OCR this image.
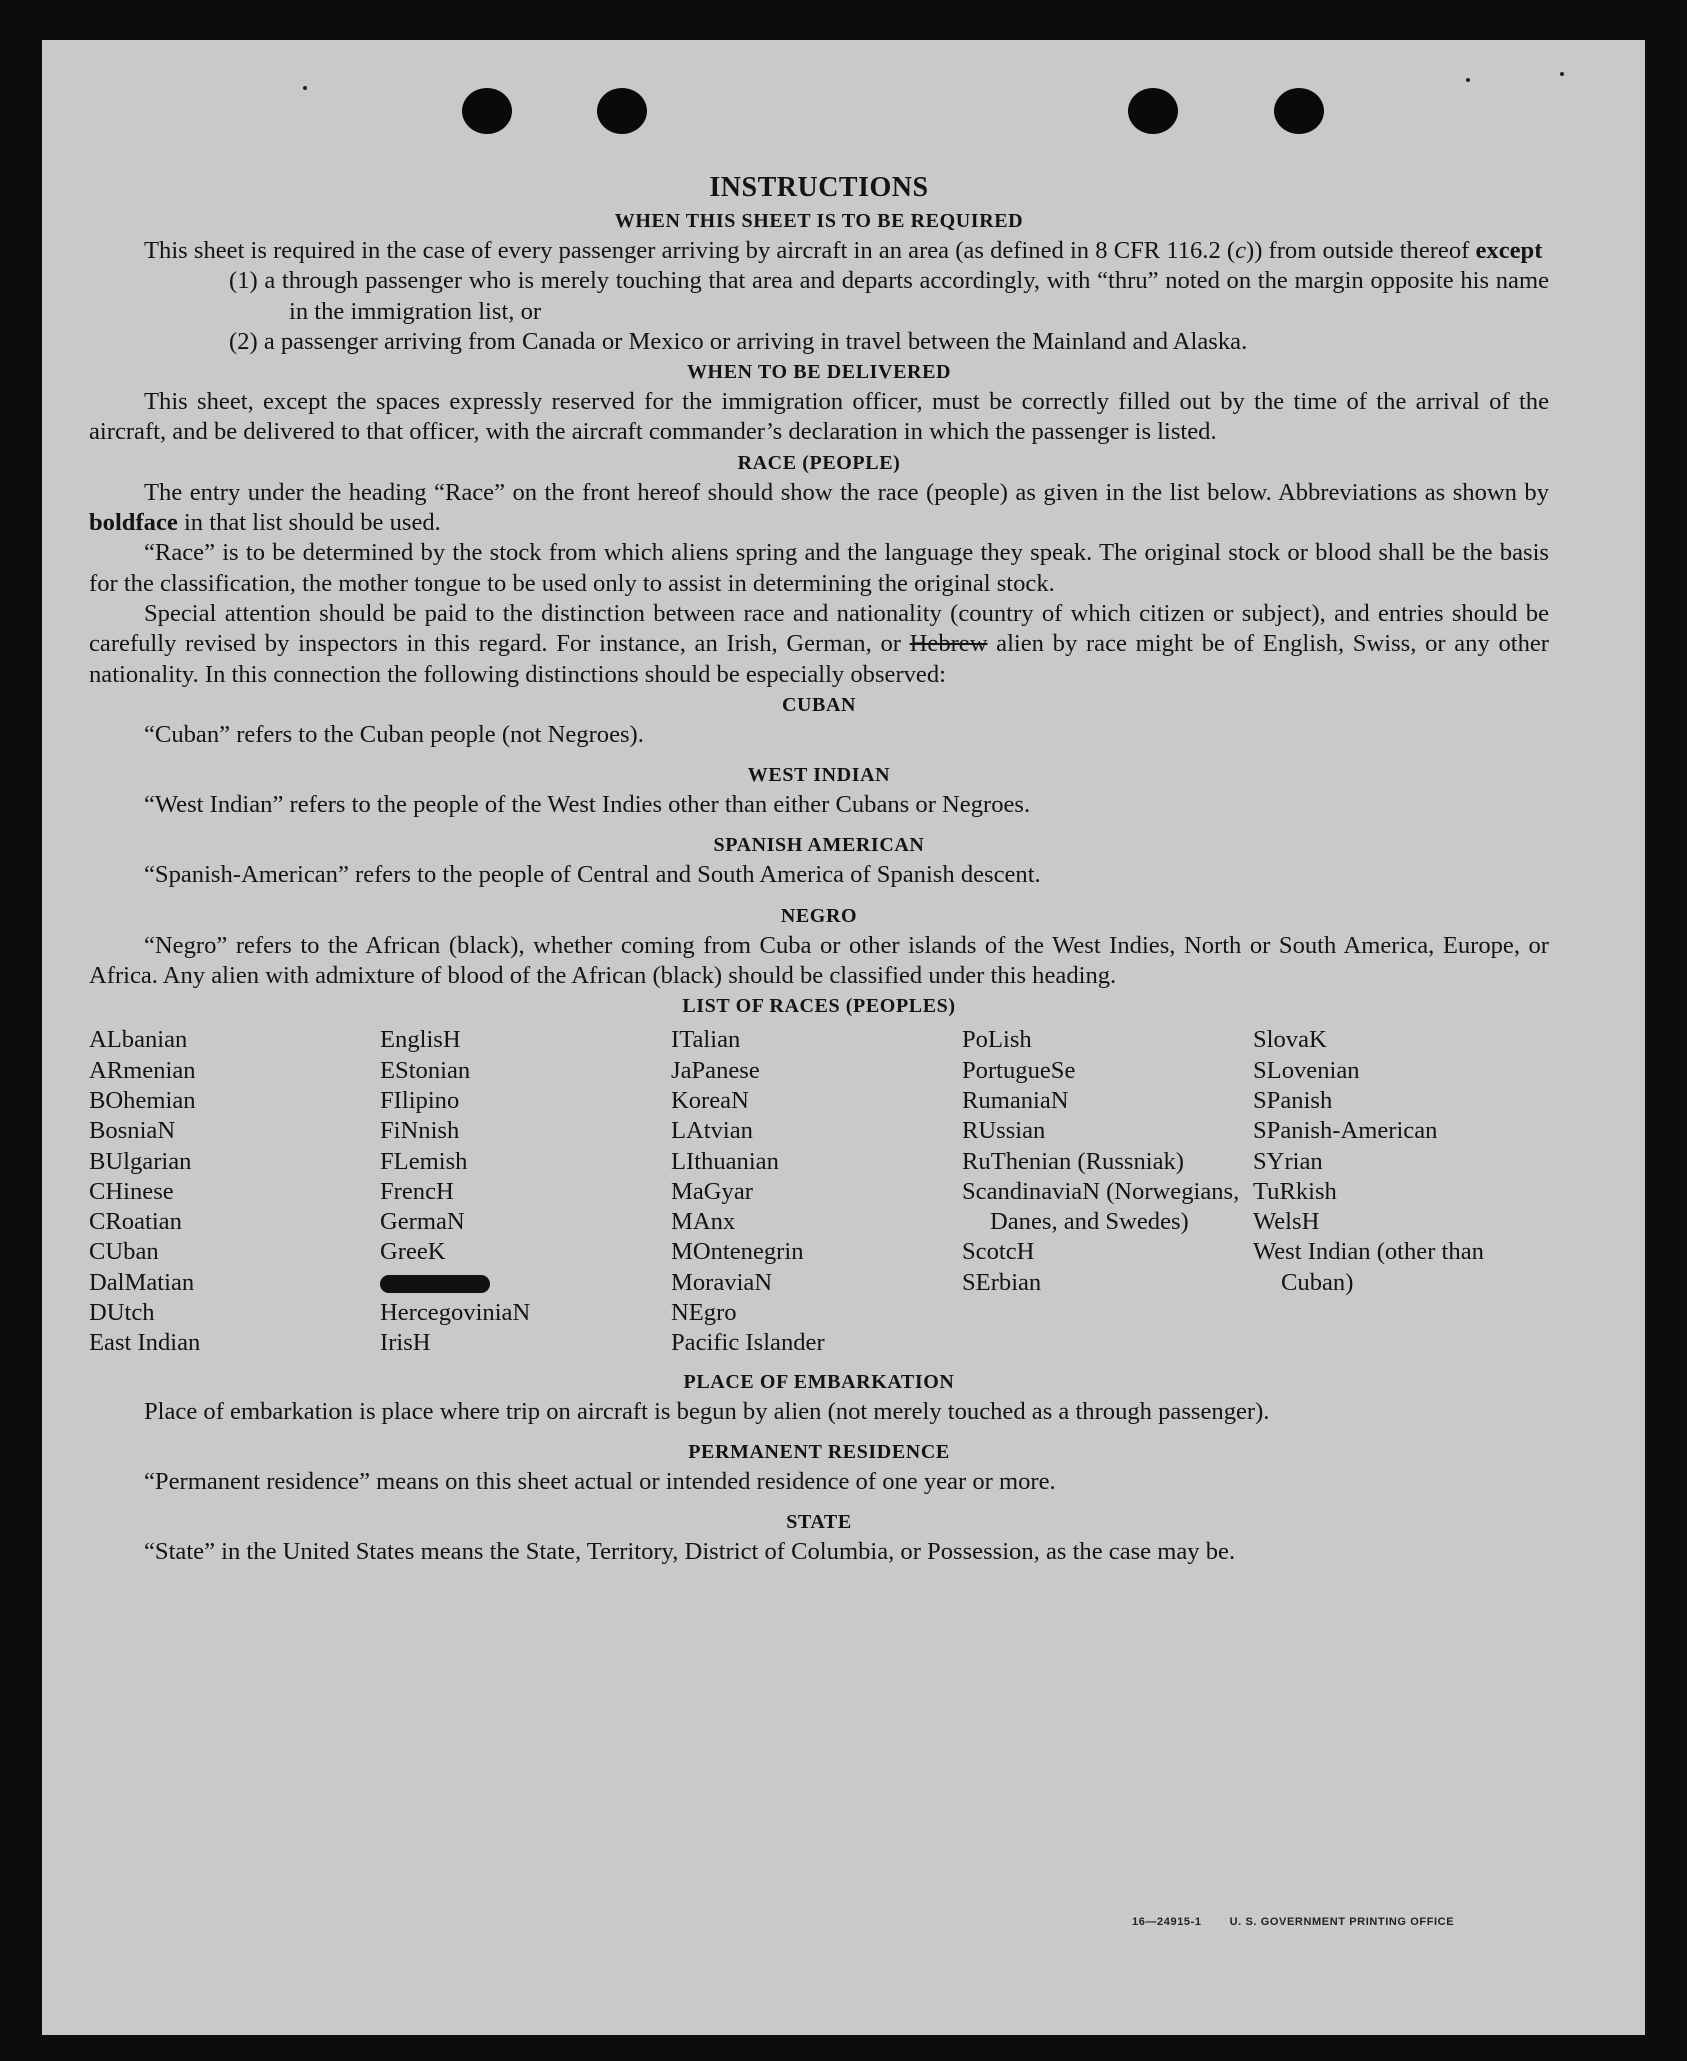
INSTRUCTIONS
WHEN THIS SHEET IS TO BE REQUIRED

This sheet is required in the case of every passenger arriving by aircraft in an area (as defined in 8 CFR 116.2 (c)) from outside thereof except

(1) a through passenger who is merely touching that area and departs accordingly, with “thru” noted on the margin opposite his name in the immigration list, or

(2) a passenger arriving from Canada or Mexico or arriving in travel between the Mainland and Alaska.

WHEN TO BE DELIVERED

This sheet, except the spaces expressly reserved for the immigration officer, must be correctly filled out by the time of the arrival of the aircraft, and be delivered to that officer, with the aircraft commander’s declaration in which the passenger is listed.

RACE (PEOPLE)

The entry under the heading “Race” on the front hereof should show the race (people) as given in the list below. Abbreviations as shown by boldface in that list should be used.

“Race” is to be determined by the stock from which aliens spring and the language they speak. The original stock or blood shall be the basis for the classification, the mother tongue to be used only to assist in determining the original stock.

Special attention should be paid to the distinction between race and nationality (country of which citizen or subject), and entries should be carefully revised by inspectors in this regard. For instance, an Irish, German, or Hebrew alien by race might be of English, Swiss, or any other nationality. In this connection the following distinctions should be especially observed:

CUBAN

“Cuban” refers to the Cuban people (not Negroes).

WEST INDIAN

“West Indian” refers to the people of the West Indies other than either Cubans or Negroes.

SPANISH AMERICAN

“Spanish-American” refers to the people of Central and South America of Spanish descent.

NEGRO

“Negro” refers to the African (black), whether coming from Cuba or other islands of the West Indies, North or South America, Europe, or Africa. Any alien with admixture of blood of the African (black) should be classified under this heading.

LIST OF RACES (PEOPLES)
ALbanian
ARmenian
BOhemian
BosniaN
BUlgarian
CHinese
CRoatian
CUban
DalMatian
DUtch
East Indian
EnglisH
EStonian
FIlipino
FiNnish
FLemish
FrencH
GermaN
GreeK
HercegoviniaN
IrisH
ITalian
JaPanese
KoreaN
LAtvian
LIthuanian
MaGyar
MAnx
MOntenegrin
MoraviaN
NEgro
Pacific Islander
PoLish
PortugueSe
RumaniaN
RUssian
RuThenian (Russniak)
ScandinaviaN (Norwegians, Danes, and Swedes)
ScotcH
SErbian
SlovaK
SLovenian
SPanish
SPanish-American
SYrian
TuRkish
WelsH
West Indian (other than Cuban)
PLACE OF EMBARKATION

Place of embarkation is place where trip on aircraft is begun by alien (not merely touched as a through passenger).

PERMANENT RESIDENCE

“Permanent residence” means on this sheet actual or intended residence of one year or more.

STATE

“State” in the United States means the State, Territory, District of Columbia, or Possession, as the case may be.

16—24915-1	U. S. GOVERNMENT PRINTING OFFICE
